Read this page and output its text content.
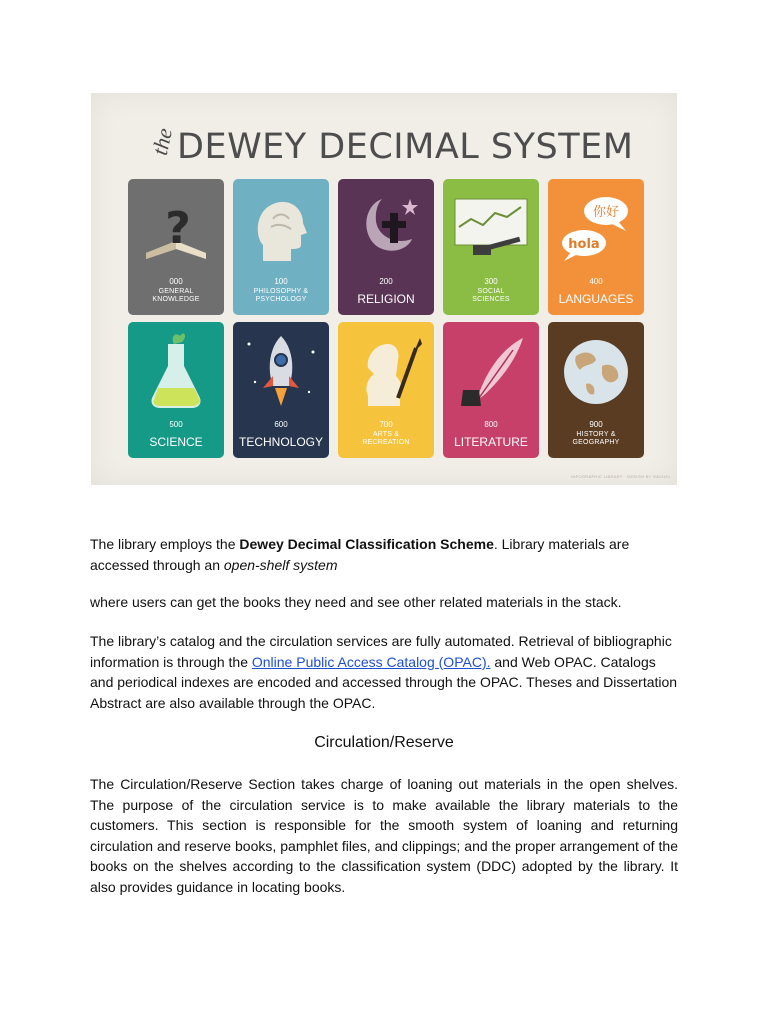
the DEWEY DECIMAL SYSTEM
?
000
GENERAL KNOWLEDGE
100
PHILOSOPHY & PSYCHOLOGY
200
RELIGION
300
SOCIAL SCIENCES
你好
hola
400
LANGUAGES
500
SCIENCE
600
TECHNOLOGY
700
ARTS & RECREATION
800
LITERATURE
900
HISTORY & GEOGRAPHY
INFOGRAPHIC LIBRARY · DESIGN BY RACHEL
The library employs the Dewey Decimal Classification Scheme. Library materials are accessed through an open-shelf system
where users can get the books they need and see other related materials in the stack.
The library’s catalog and the circulation services are fully automated. Retrieval of bibliographic information is through the Online Public Access Catalog (OPAC). and Web OPAC. Catalogs and periodical indexes are encoded and accessed through the OPAC. Theses and Dissertation Abstract are also available through the OPAC.
Circulation/Reserve
The Circulation/Reserve Section takes charge of loaning out materials in the open shelves. The purpose of the circulation service is to make available the library materials to the customers. This section is responsible for the smooth system of loaning and returning circulation and reserve books, pamphlet files, and clippings; and the proper arrangement of the books on the shelves according to the classification system (DDC) adopted by the library. It also provides guidance in locating books.
